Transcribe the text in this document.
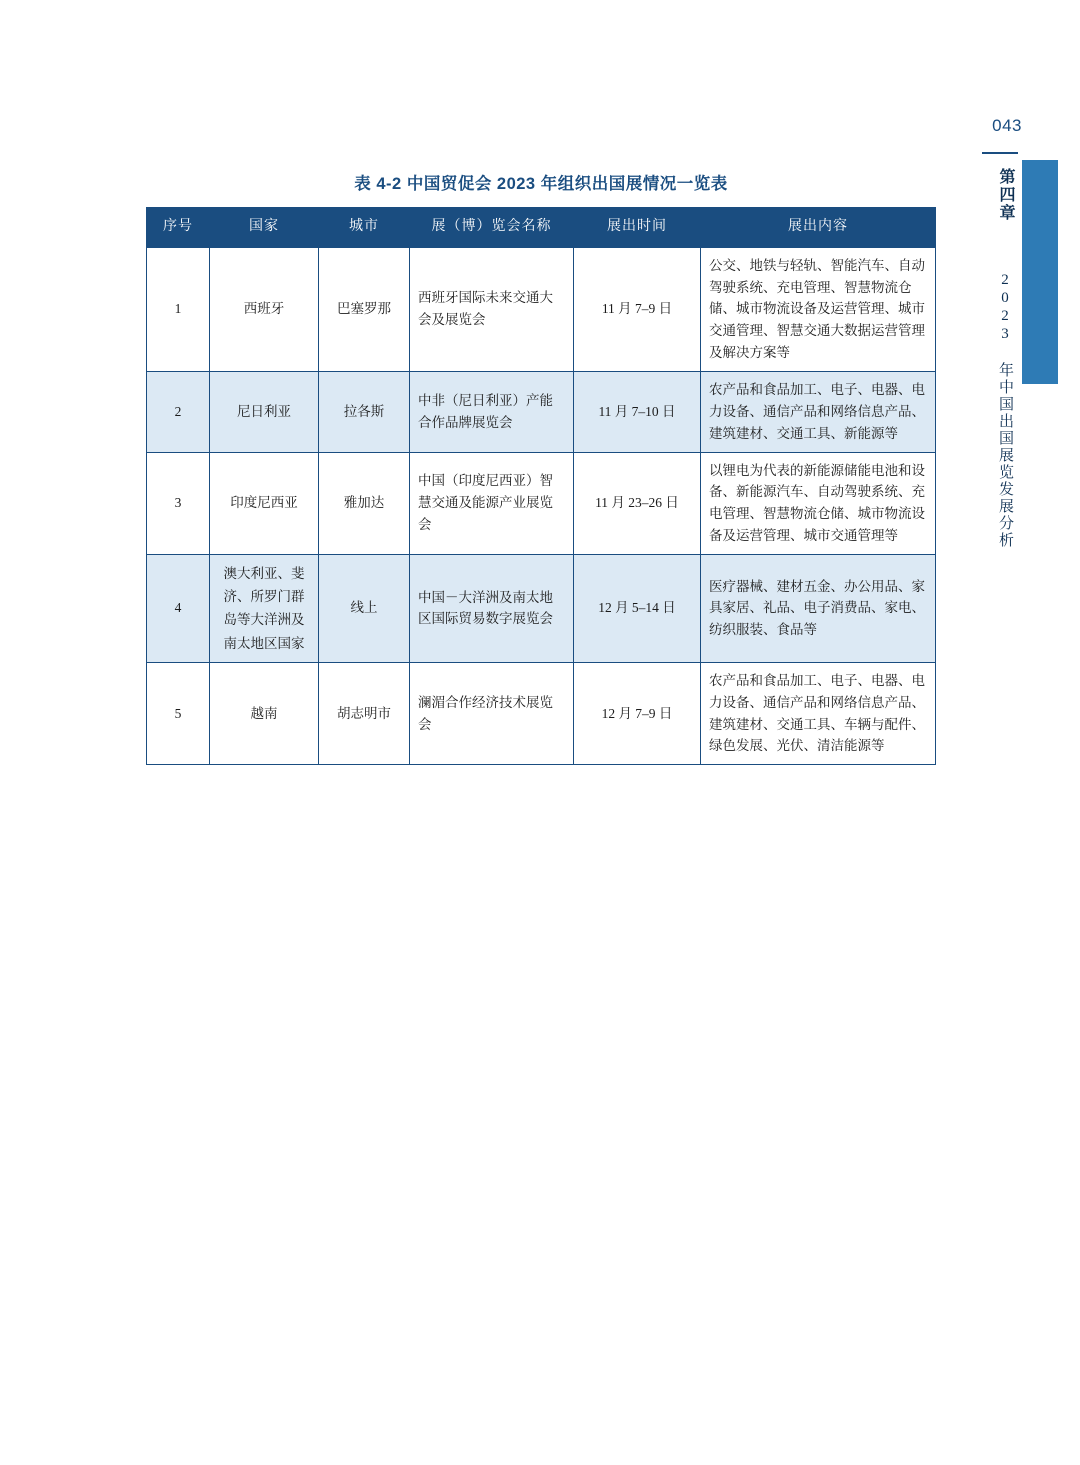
043
第四章  2023 年中国出国展览发展分析
表 4-2 中国贸促会 2023 年组织出国展情况一览表
序号	国家	城市	展（博）览会名称	展出时间	展出内容
1	西班牙	巴塞罗那	西班牙国际未来交通大会及展览会	11 月 7–9 日	公交、地铁与轻轨、智能汽车、自动驾驶系统、充电管理、智慧物流仓储、城市物流设备及运营管理、城市交通管理、智慧交通大数据运营管理及解决方案等
2	尼日利亚	拉各斯	中非（尼日利亚）产能合作品牌展览会	11 月 7–10 日	农产品和食品加工、电子、电器、电力设备、通信产品和网络信息产品、建筑建材、交通工具、新能源等
3	印度尼西亚	雅加达	中国（印度尼西亚）智慧交通及能源产业展览会	11 月 23–26 日	以锂电为代表的新能源储能电池和设备、新能源汽车、自动驾驶系统、充电管理、智慧物流仓储、城市物流设备及运营管理、城市交通管理等
4	澳大利亚、斐济、所罗门群岛等大洋洲及南太地区国家	线上	中国－大洋洲及南太地区国际贸易数字展览会	12 月 5–14 日	医疗器械、建材五金、办公用品、家具家居、礼品、电子消费品、家电、纺织服装、食品等
5	越南	胡志明市	澜湄合作经济技术展览会	12 月 7–9 日	农产品和食品加工、电子、电器、电力设备、通信产品和网络信息产品、建筑建材、交通工具、车辆与配件、绿色发展、光伏、清洁能源等
